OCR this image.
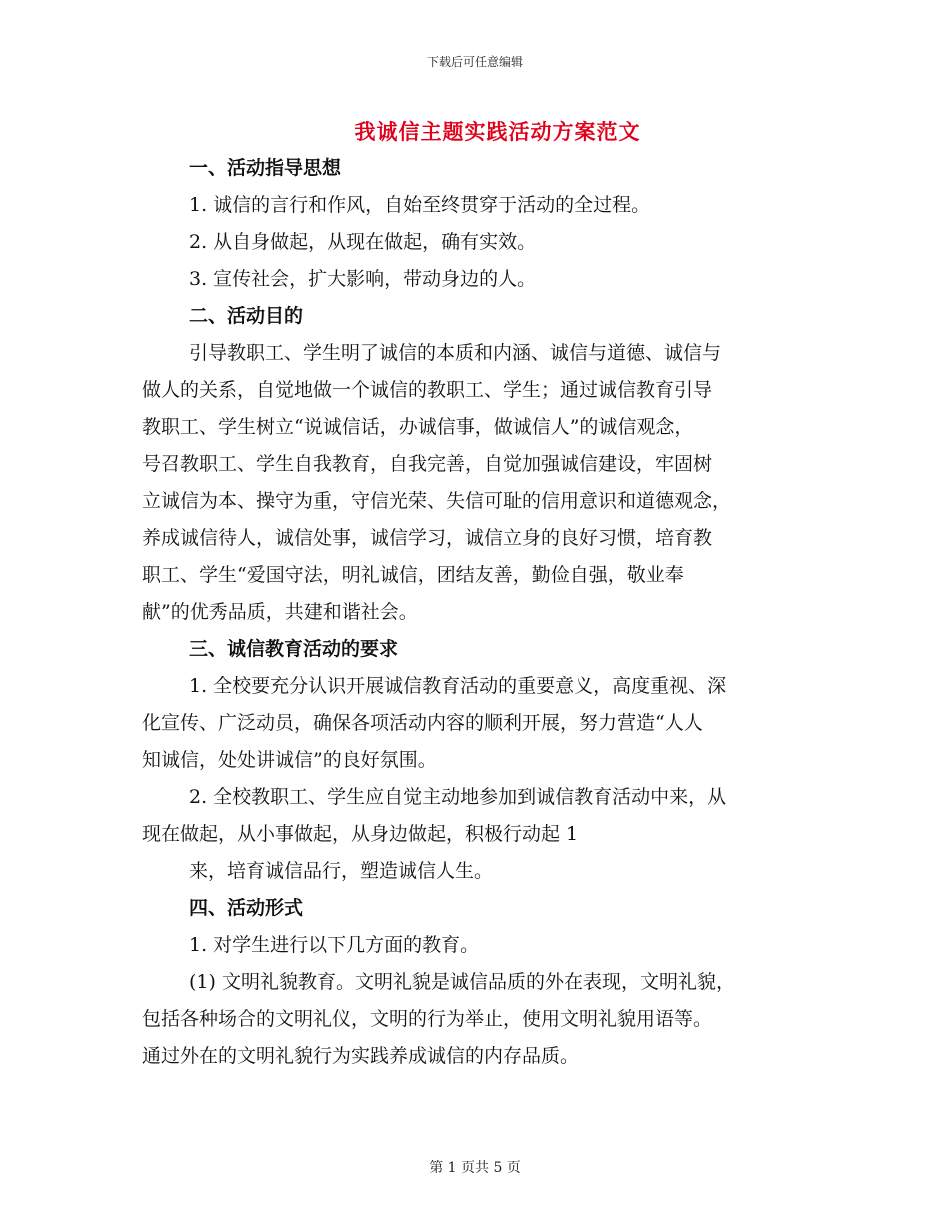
下载后可任意编辑
我诚信主题实践活动方案范文
一、活动指导思想
1. 诚信的言行和作风，自始至终贯穿于活动的全过程。
2. 从自身做起，从现在做起，确有实效。
3. 宣传社会，扩大影响，带动身边的人。
二、活动目的
引导教职工、学生明了诚信的本质和内涵、诚信与道德、诚信与
做人的关系，自觉地做一个诚信的教职工、学生；通过诚信教育引导
教职工、学生树立“说诚信话，办诚信事，做诚信人”的诚信观念，
号召教职工、学生自我教育，自我完善，自觉加强诚信建设，牢固树
立诚信为本、操守为重，守信光荣、失信可耻的信用意识和道德观念，
养成诚信待人，诚信处事，诚信学习，诚信立身的良好习惯，培育教
职工、学生“爱国守法，明礼诚信，团结友善，勤俭自强，敬业奉
献”的优秀品质，共建和谐社会。
三、诚信教育活动的要求
1. 全校要充分认识开展诚信教育活动的重要意义，高度重视、深
化宣传、广泛动员，确保各项活动内容的顺利开展，努力营造“人人
知诚信，处处讲诚信”的良好氛围。
2. 全校教职工、学生应自觉主动地参加到诚信教育活动中来，从
现在做起，从小事做起，从身边做起，积极行动起 1
来，培育诚信品行，塑造诚信人生。
四、活动形式
1. 对学生进行以下几方面的教育。
(1) 文明礼貌教育。文明礼貌是诚信品质的外在表现，文明礼貌，
包括各种场合的文明礼仪，文明的行为举止，使用文明礼貌用语等。
通过外在的文明礼貌行为实践养成诚信的内存品质。
第 1 页共 5 页
